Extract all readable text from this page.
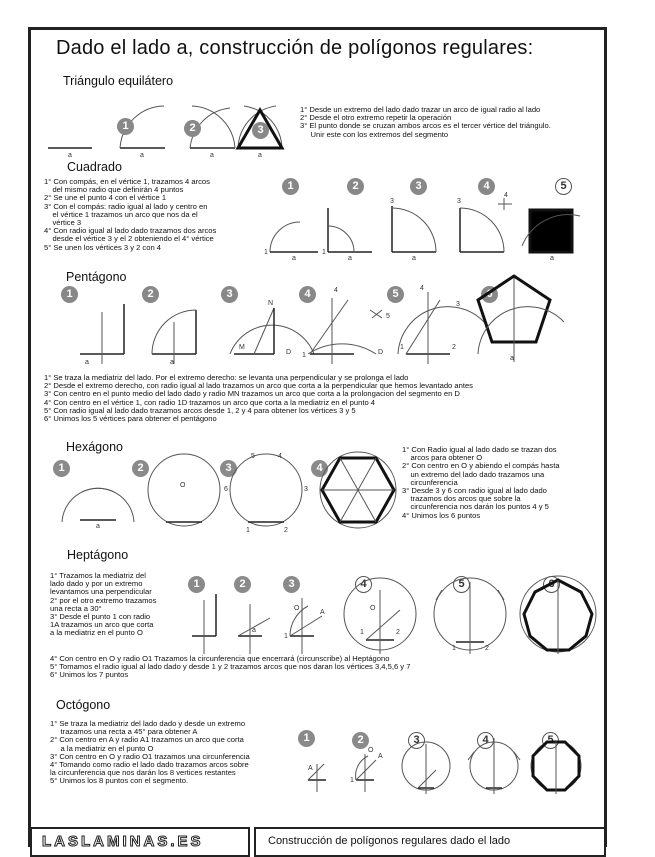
Dado el lado a, construcción de polígonos regulares:
Triángulo equilátero
1° Desde un extremo del lado dado trazar un arco de igual radio al lado
2° Desde el otro extremo repetir la operación
3° El punto donde se cruzan ambos arcos es el tercer vértice del triángulo.
Unir este con los extremos del segmento
a	a	a	a
1	2	3
Cuadrado
1° Con compás, en el vértice 1, trazamos 4 arcos
del mismo radio que definirán 4 puntos
2° Se une el punto 4 con el vértice 1
3° Con el compás: radio igual al lado y centro en
el vértice 1 trazamos un arco que nos da el
vértice 3
4° Con radio igual al lado dado trazamos dos arcos
desde el vértice 3 y el 2 obteniendo el 4° vértice
5° Se unen los vértices 3 y 2 con 4
1	2	3	4	5
1
a
1
a
3
a
3
4
a
Pentágono
1	2	3	4	5	6
a	a
N
M
D 1	D
4
5
1	2
3
4
a
1° Se traza la mediatriz del lado. Por el extremo derecho: se levanta una perpendicular y se prolonga el lado
2° Desde el extremo derecho, con radio igual al lado trazamos un arco que corta a la perpendicular que hemos levantado antes
3° Con centro en el punto medio del lado dado y radio MN trazamos un arco que corta a la prolongacion del segmento en D
4° Con centro en el vértice 1, con radio 1D trazamos un arco que corta a la mediatriz en el punto 4
5° Con radio igual al lado dado trazamos arcos desde 1, 2 y 4 para obtener los vértices 3 y 5
6° Unimos los 5 vértices para obtener el pentágono
Hexágono	1° Con Radio igual al lado dado se trazan dos
arcos para obtener O
2° Con centro en O y abiendo el compás hasta
un extremo del lado dado trazamos una
circunferencia
3° Desde 3 y 6 con radio igual al lado dado
trazamos dos arcos que sobre la
circunferencia nos darán los puntos 4 y 5
4° Unimos los 6 puntos
1	2	3	4
a
O
6	3
5	4
1	2
Heptágono
1° Trazamos la mediatriz del
lado dado y por un extremo
levantamos una perpendicular
2° por el otro extremo trazamos
una recta a 30°
3° Desde el punto 1 con radio
1A trazamos un arco que corta
a la mediatriz en el punto O
1	2	3	4	5	6
a
O
A
1
O
1	2
1	2
4° Con centro en O y radio O1 Trazamos la circunferencia que encerrará (circunscribe) al Heptágono
5° Tomamos el radio igual al lado dado y desde 1 y 2 trazamos arcos que nos daran los vértices 3,4,5,6 y 7
6° Unimos los 7 puntos
Octógono
1° Se traza la mediatriz del lado dado y desde un extremo
trazamos una recta a 45° para obtener A
2° Con centro en A y radio A1 trazamos un arco que corta
a la mediatriz en el punto O
3° Con centro en O y radio O1 trazamos una circunferencia
4° Tomando como radio el lado dado trazamos arcos sobre
la circunferencia que nos darán los 8 vertices restantes
5° Unimos los 8 puntos con el segmento.
1	2	3	4	5
A
O
A
1
LASLAMINAS.ES	Construcción de polígonos regulares dado el lado
